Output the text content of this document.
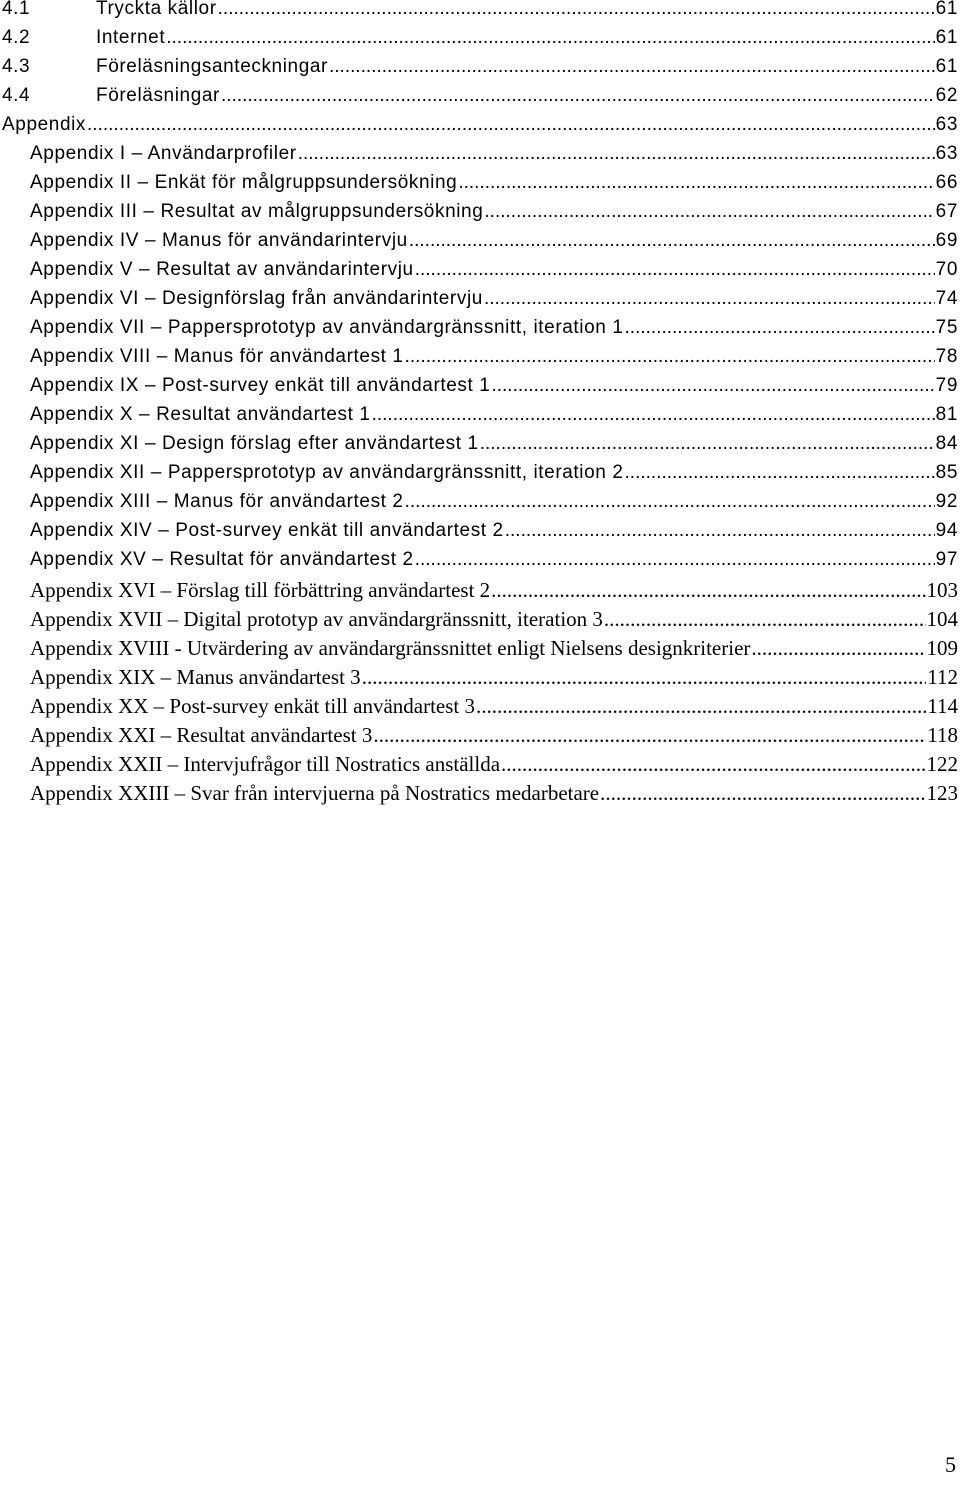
4.1	Tryckta källor .....	61
4.2	Internet .....	61
4.3	Föreläsningsanteckningar .....	61
4.4	Föreläsningar .....	62
Appendix .....	63
Appendix I – Användarprofiler .....	63
Appendix II – Enkät för målgruppsundersökning .....	66
Appendix III – Resultat av målgruppsundersökning .....	67
Appendix IV – Manus för användarintervju .....	69
Appendix V – Resultat av användarintervju .....	70
Appendix VI – Designförslag från användarintervju .....	74
Appendix VII – Pappersprototyp av användargränssnitt, iteration 1 .....	75
Appendix VIII – Manus för användartest 1 .....	78
Appendix IX – Post-survey enkät till användartest 1 .....	79
Appendix X – Resultat användartest 1 .....	81
Appendix XI – Design förslag efter användartest 1 .....	84
Appendix XII – Pappersprototyp av användargränssnitt, iteration 2 .....	85
Appendix XIII – Manus för användartest 2 .....	92
Appendix XIV – Post-survey enkät till användartest 2 .....	94
Appendix XV – Resultat för användartest 2 .....	97
Appendix XVI – Förslag till förbättring användartest 2 .....	103
Appendix XVII – Digital prototyp av användargränssnitt, iteration 3 .....	104
Appendix XVIII - Utvärdering av användargränssnittet enligt Nielsens designkriterier .....	109
Appendix XIX – Manus användartest 3 .....	112
Appendix XX – Post-survey enkät till användartest 3 .....	114
Appendix XXI – Resultat användartest 3 .....	118
Appendix XXII – Intervjufrågor till Nostratics anställda .....	122
Appendix XXIII – Svar från intervjuerna på Nostratics medarbetare .....	123
5
